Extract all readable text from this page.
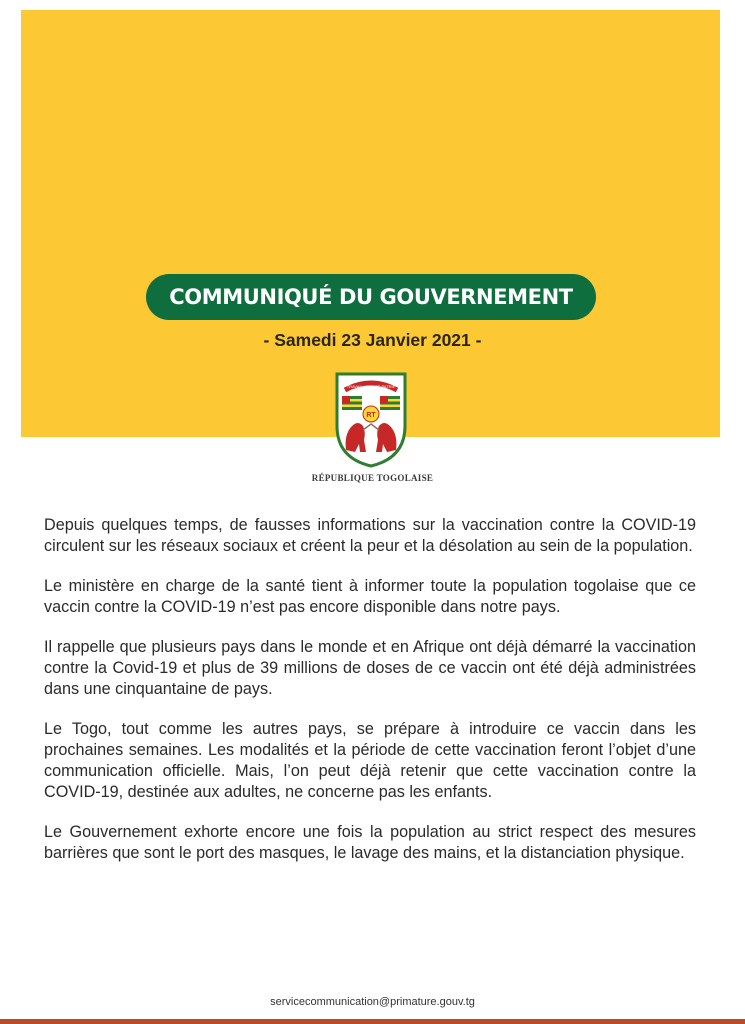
COMMUNIQUÉ DU GOUVERNEMENT
- Samedi 23 Janvier 2021 -
TRAVAIL LIBERTÉ PATRIE
RT
RÉPUBLIQUE TOGOLAISE

Depuis quelques temps, de fausses informations sur la vaccination contre la COVID-19 circulent sur les réseaux sociaux et créent la peur et la désolation au sein de la population.

Le ministère en charge de la santé tient à informer toute la population togolaise que ce vaccin contre la COVID-19 n’est pas encore disponible dans notre pays.

Il rappelle que plusieurs pays dans le monde et en Afrique ont déjà démarré la vaccination contre la Covid-19 et plus de 39 millions de doses de ce vaccin ont été déjà administrées dans une cinquantaine de pays.

Le Togo, tout comme les autres pays, se prépare à introduire ce vaccin dans les prochaines semaines. Les modalités et la période de cette vaccination feront l’objet d’une communication officielle. Mais, l’on peut déjà retenir que cette vaccination contre la COVID-19, destinée aux adultes, ne concerne pas les enfants.

Le Gouvernement exhorte encore une fois la population au strict respect des mesures barrières que sont le port des masques, le lavage des mains, et la distanciation physique.

servicecommunication@primature.gouv.tg
